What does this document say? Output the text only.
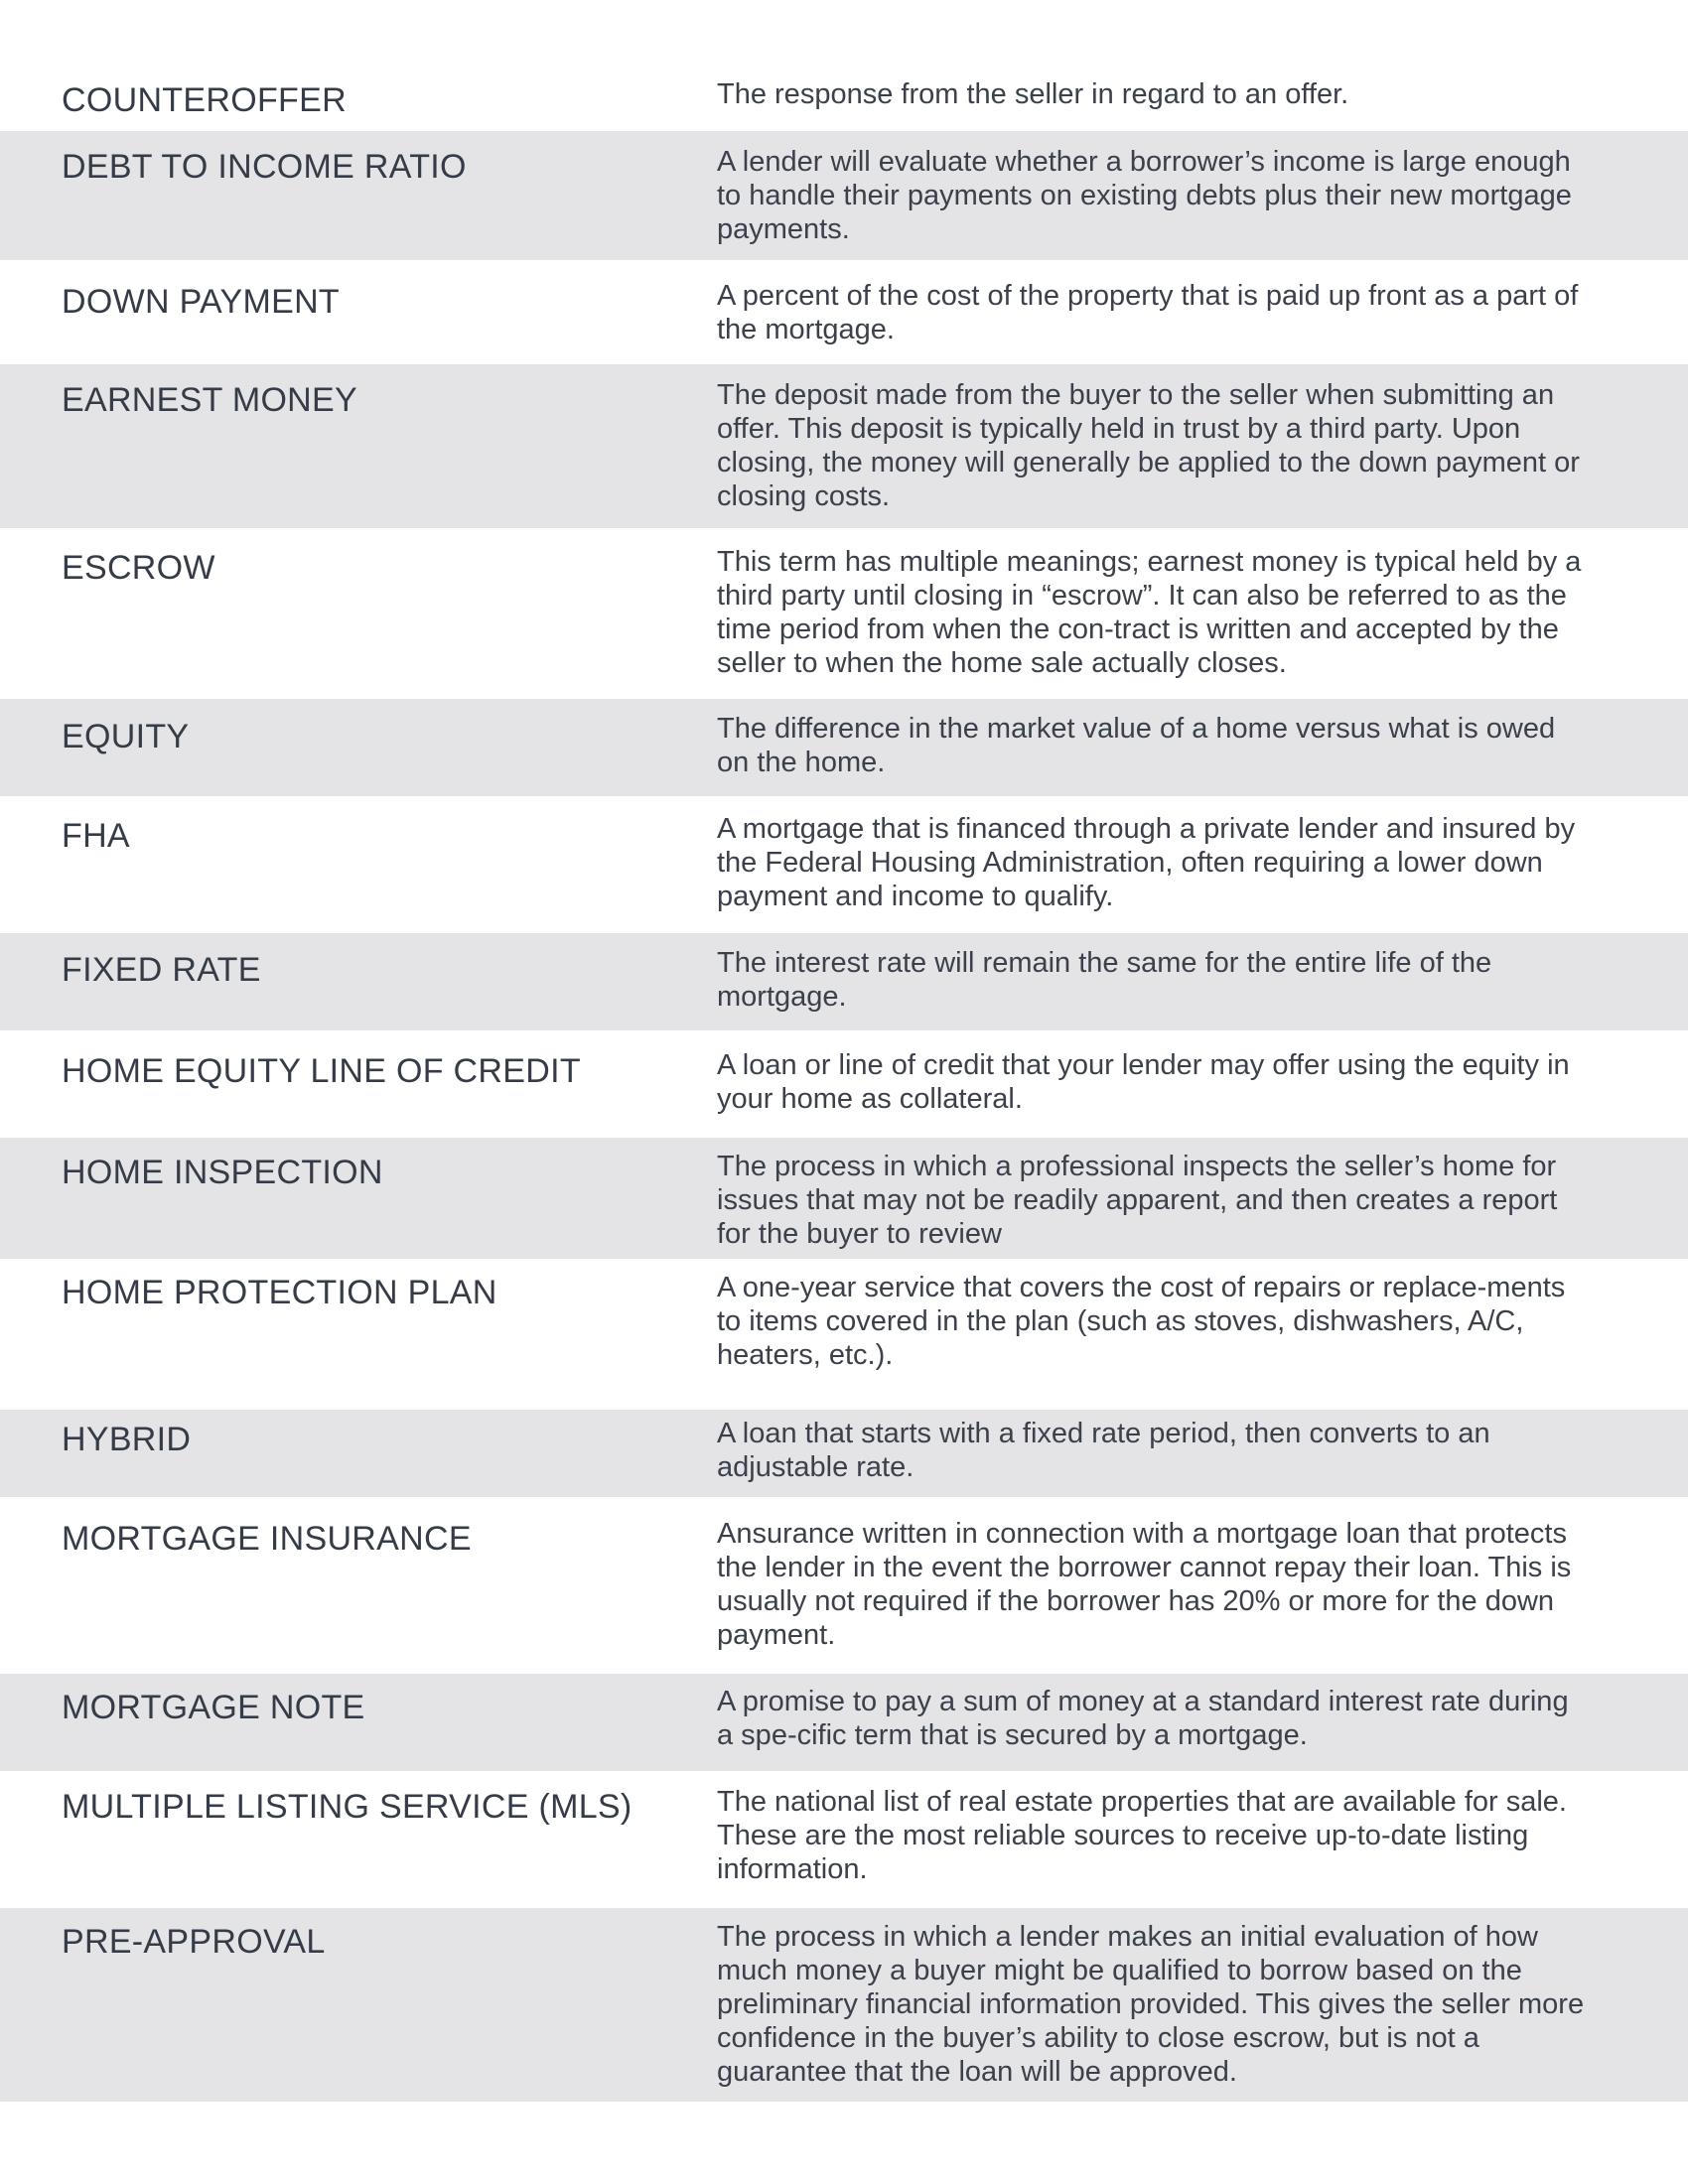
COUNTEROFFER	The response from the seller in regard to an offer.
DEBT TO INCOME RATIO	A lender will evaluate whether a borrower’s income is large enough to handle their payments on existing debts plus their new mortgage payments.
DOWN PAYMENT	A percent of the cost of the property that is paid up front as a part of the mortgage.
EARNEST MONEY	The deposit made from the buyer to the seller when submitting an offer. This deposit is typically held in trust by a third party. Upon closing, the money will generally be applied to the down payment or closing costs.
ESCROW	This term has multiple meanings; earnest money is typical held by a third party until closing in “escrow”. It can also be referred to as the time period from when the con-tract is written and accepted by the seller to when the home sale actually closes.
EQUITY	The difference in the market value of a home versus what is owed on the home.
FHA	A mortgage that is financed through a private lender and insured by the Federal Housing Administration, often requiring a lower down payment and income to qualify.
FIXED RATE	The interest rate will remain the same for the entire life of the mortgage.
HOME EQUITY LINE OF CREDIT	A loan or line of credit that your lender may offer using the equity in your home as collateral.
HOME INSPECTION	The process in which a professional inspects the seller’s home for issues that may not be readily apparent, and then creates a report for the buyer to review
HOME PROTECTION PLAN	A one-year service that covers the cost of repairs or replace-ments to items covered in the plan (such as stoves, dishwashers, A/C, heaters, etc.).
HYBRID	A loan that starts with a fixed rate period, then converts to an adjustable rate.
MORTGAGE INSURANCE	Ansurance written in connection with a mortgage loan that protects the lender in the event the borrower cannot repay their loan. This is usually not required if the borrower has 20% or more for the down payment.
MORTGAGE NOTE	A promise to pay a sum of money at a standard interest rate during a spe-cific term that is secured by a mortgage.
MULTIPLE LISTING SERVICE (MLS)	The national list of real estate properties that are available for sale. These are the most reliable sources to receive up-to-date listing information.
PRE-APPROVAL	The process in which a lender makes an initial evaluation of how much money a buyer might be qualified to borrow based on the preliminary financial information provided. This gives the seller more confidence in the buyer’s ability to close escrow, but is not a guarantee that the loan will be approved.
